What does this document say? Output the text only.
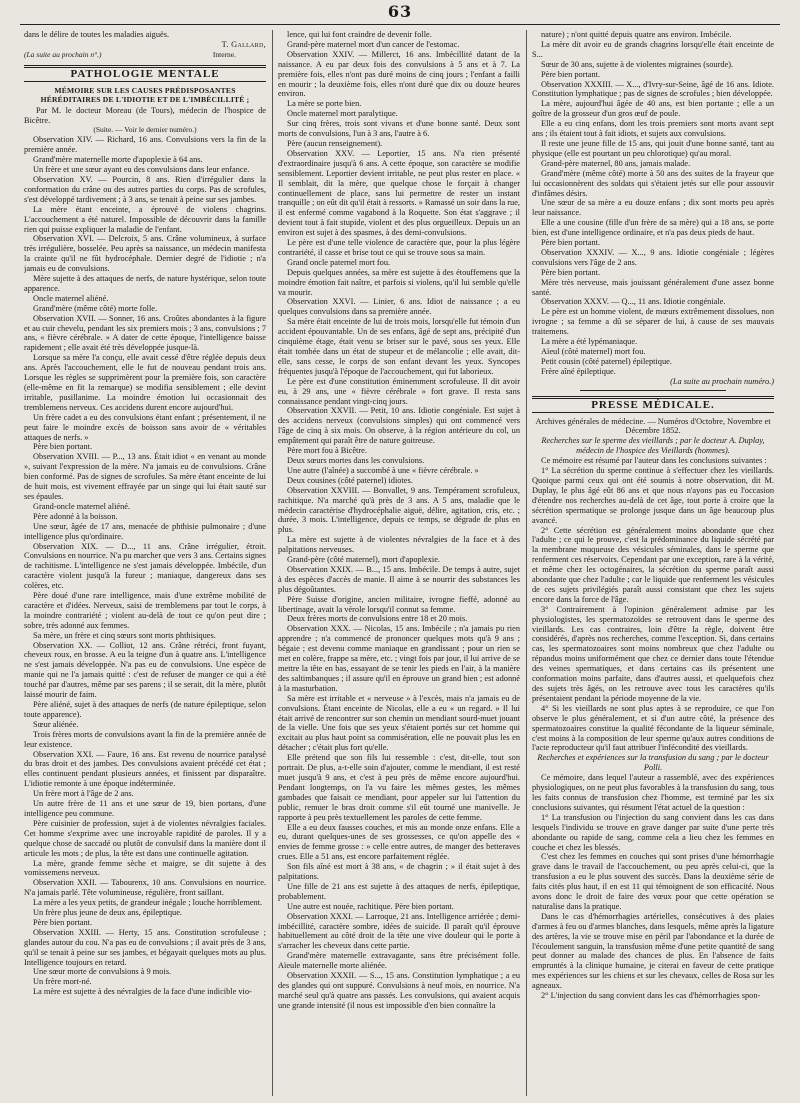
63

dans le délire de toutes les maladies aiguës.

T. Gallard,

(La suite au prochain n°.)	Interne.
PATHOLOGIE MENTALE
MÉMOIRE SUR LES CAUSES PRÉDISPOSANTES HÉRÉDITAIRES DE L'IDIOTIE ET DE L'IMBÉCILLITÉ ;

Par M. le docteur Moreau (de Tours), médecin de l'hospice de Bicêtre.

(Suite. — Voir le dernier numéro.)

Observation XIV. — Richard, 16 ans. Convulsions vers la fin de la première année.

Grand'mère maternelle morte d'apoplexie à 64 ans.

Un frère et une sœur ayant eu des convulsions dans leur enfance.

Observation XV. — Pourcin, 8 ans. Rien d'irrégulier dans la conformation du crâne ou des autres parties du corps. Pas de scrofules, s'est développé tardivement ; à 3 ans, se tenait à peine sur ses jambes.

La mère étant enceinte, a éprouvé de violens chagrins. L'accouchement a été naturel. Impossible de découvrir dans la famille rien qui puisse expliquer la maladie de l'enfant.

Observation XVI. — Delcroix, 5 ans. Crâne volumineux, à surface très irrégulière, bosselée. Peu après sa naissance, un médecin manifesta la crainte qu'il ne fût hydrocéphale. Dernier degré de l'idiotie ; n'a jamais eu de convulsions.

Mère sujette à des attaques de nerfs, de nature hystérique, selon toute apparence.

Oncle maternel aliéné.

Grand'mère (même côté) morte folle.

Observation XVII. — Sonner, 16 ans. Croûtes abondantes à la figure et au cuir chevelu, pendant les six premiers mois ; 3 ans, convulsions ; 7 ans, « fièvre cérébrale. » A dater de cette époque, l'intelligence baisse rapidement ; elle avait été très développée jusque-là.

Lorsque sa mère l'a conçu, elle avait cessé d'être réglée depuis deux ans. Après l'accouchement, elle le fut de nouveau pendant trois ans. Lorsque les règles se supprimèrent pour la première fois, son caractère (elle-même en fit la remarque) se modifia sensiblement ; elle devint irritable, pusillanime. La moindre émotion lui occasionnait des tremblemens nerveux. Ces accidens durent encore aujourd'hui.

Un frère cadet a eu des convulsions étant enfant ; présentement, il ne peut faire le moindre excès de boisson sans avoir de « véritables attaques de nerfs. »

Père bien portant.

Observation XVIII. — P..., 13 ans. Était idiot « en venant au monde », suivant l'expression de la mère. N'a jamais eu de convulsions. Crâne bien conformé. Pas de signes de scrofules. Sa mère étant enceinte de lui de huit mois, est vivement effrayée par un singe qui lui était sauté sur ses épaules.

Grand-oncle maternel aliéné.

Père adonné à la boisson.

Une sœur, âgée de 17 ans, menacée de phthisie pulmonaire ; d'une intelligence plus qu'ordinaire.

Observation XIX. — D..., 11 ans. Crâne irrégulier, étroit. Convulsions en nourrice. N'a pu marcher que vers 3 ans. Certains signes de rachitisme. L'intelligence ne s'est jamais développée. Imbécile, d'un caractère violent jusqu'à la fureur ; maniaque, dangereux dans ses colères, etc.

Père doué d'une rare intelligence, mais d'une extrême mobilité de caractère et d'idées. Nerveux, saisi de tremblemens par tout le corps, à la moindre contrariété ; violent au-delà de tout ce qu'on peut dire ; sobre, très adonné aux femmes.

Sa mère, un frère et cinq sœurs sont morts phthisiques.

Observation XX. — Colliot, 12 ans. Crâne rétréci, front fuyant, cheveux roux, en brosse. A eu la teigne d'un à quatre ans. L'intelligence ne s'est jamais développée. N'a pas eu de convulsions. Une espèce de manie qui ne l'a jamais quitté : c'est de refuser de manger ce qui a été touché par d'autres, même par ses parens ; il se serait, dit la mère, plutôt laissé mourir de faim.

Père aliéné, sujet à des attaques de nerfs (de nature épileptique, selon toute apparence).

Sœur aliénée.

Trois frères morts de convulsions avant la fin de la première année de leur existence.

Observation XXI. — Faure, 16 ans. Est revenu de nourrice paralysé du bras droit et des jambes. Des convulsions avaient précédé cet état ; elles continuent pendant plusieurs années, et finissent par disparaître. L'idiotie remonte à une époque indéterminée.

Un frère mort à l'âge de 2 ans.

Un autre frère de 11 ans et une sœur de 19, bien portans, d'une intelligence peu commune.

Père cuisinier de profession, sujet à de violentes névralgies faciales. Cet homme s'exprime avec une incroyable rapidité de paroles. Il y a quelque chose de saccadé ou plutôt de convulsif dans la manière dont il articule les mots ; de plus, la tête est dans une continuelle agitation.

La mère, grande femme sèche et maigre, se dit sujette à des vomissemens nerveux.

Observation XXII. — Tabourenx, 10 ans. Convulsions en nourrice. N'a jamais parlé. Tête volumineuse, régulière, front saillant.

La mère a les yeux petits, de grandeur inégale ; louche horriblement.

Un frère plus jeune de deux ans, épileptique.

Père bien portant.

Observation XXIII. — Herty, 15 ans. Constitution scrofuleuse ; glandes autour du cou. N'a pas eu de convulsions ; il avait près de 3 ans, qu'il se tenait à peine sur ses jambes, et bégayait quelques mots au plus. Intelligence toujours en retard.

Une sœur morte de convulsions à 9 mois.

Un frère mort-né.

La mère est sujette à des névralgies de la face d'une indicible vio-

lence, qui lui font craindre de devenir folle.

Grand-père maternel mort d'un cancer de l'estomac.

Observation XXIV. — Millerct, 16 ans. Imbécillité datant de la naissance. A eu par deux fois des convulsions à 5 ans et à 7. La première fois, elles n'ont pas duré moins de cinq jours ; l'enfant a failli en mourir ; la deuxième fois, elles n'ont duré que dix ou douze heures environ.

La mère se porte bien.

Oncle maternel mort paralytique.

Sur cinq frères, trois sont vivans et d'une bonne santé. Deux sont morts de convulsions, l'un à 3 ans, l'autre à 6.

Père (aucun renseignement).

Observation XXV. — Leportier, 15 ans. N'a rien présenté d'extraordinaire jusqu'à 6 ans. A cette époque, son caractère se modifie sensiblement. Leportier devient irritable, ne peut plus rester en place. « Il semblait, dit la mère, que quelque chose le forçait à changer continuellement de place, sans lui permettre de rester un instant tranquille ; on eût dit qu'il était à ressorts. » Ramassé un soir dans la rue, il est enfermé comme vagabond à la Roquette. Son état s'aggrave ; il devient tout à fait stupide, violent et des plus orgueilleux. Depuis un an environ est sujet à des spasmes, à des demi-convulsions.

Le père est d'une telle violence de caractère que, pour la plus légère contrariété, il casse et brise tout ce qui se trouve sous sa main.

Grand oncle paternel mort fou.

Depuis quelques années, sa mère est sujette à des étouffemens que la moindre émotion fait naître, et parfois si violens, qu'il lui semble qu'elle va mourir.

Observation XXVI. — Linier, 6 ans. Idiot de naissance ; a eu quelques convulsions dans sa première année.

Sa mère était enceinte de lui de trois mois, lorsqu'elle fut témoin d'un accident épouvantable. Un de ses enfans, âgé de sept ans, précipité d'un cinquième étage, était venu se briser sur le pavé, sous ses yeux. Elle était tombée dans un état de stupeur et de mélancolie ; elle avait, dit-elle, sans cesse, le corps de son enfant devant les yeux. Syncopes fréquentes jusqu'à l'époque de l'accouchement, qui fut laborieux.

Le père est d'une constitution éminemment scrofuleuse. Il dit avoir eu, à 29 ans, une « fièvre cérébrale » fort grave. Il resta sans connaissance pendant vingt-cinq jours.

Observation XXVII. — Petit, 10 ans. Idiotie congéniale. Est sujet à des accidens nerveux (convulsions simples) qui ont commencé vers l'âge de cinq à six mois. On observe, à la région antérieure du col, un empâtement qui paraît être de nature goitreuse.

Père mort fou à Bicêtre.

Deux sœurs mortes dans les convulsions.

Une autre (l'aînée) a succombé à une « fièvre cérébrale. »

Deux cousines (côté paternel) idiotes.

Observation XXVIII. — Bonvallet, 9 ans. Tempérament scrofuleux, rachitique. N'a marché qu'à près de 3 ans. A 5 ans, maladie que le médecin caractérise d'hydrocéphalie aiguë, délire, agitation, cris, etc. ; durée, 3 mois. L'intelligence, depuis ce temps, se dégrade de plus en plus.

La mère est sujette à de violentes névralgies de la face et à des palpitations nerveuses.

Grand-père (côté maternel), mort d'apoplexie.

Observation XXIX. — B..., 15 ans. Imbécile. De temps à autre, sujet à des espèces d'accès de manie. Il aime à se nourrir des substances les plus dégoûtantes.

Père Suisse d'origine, ancien militaire, ivrogne fieffé, adonné au libertinage, avait la vérole lorsqu'il connut sa femme.

Deux frères morts de convulsions entre 18 et 20 mois.

Observation XXX. — Nicolas, 15 ans. Imbécile ; n'a jamais pu rien apprendre ; n'a commencé de prononcer quelques mots qu'à 9 ans ; bégaie ; est devenu comme maniaque en grandissant ; pour un rien se met en colère, frappe sa mère, etc. ; vingt fois par jour, il lui arrive de se mettre la tête en bas, essayant de se tenir les pieds en l'air, à la manière des saltimbanques ; il assure qu'il en éprouve un grand bien ; est adonné à la masturbation.

Sa mère est irritable et « nerveuse » à l'excès, mais n'a jamais eu de convulsions. Étant enceinte de Nicolas, elle a eu « un regard. » Il lui était arrivé de rencontrer sur son chemin un mendiant sourd-muet jouant de la vielle. Une fois que ses yeux s'étaient portés sur cet homme qui excitait au plus haut point sa commisération, elle ne pouvait plus les en détacher ; c'était plus fort qu'elle.

Elle prétend que son fils lui ressemble : c'est, dit-elle, tout son portrait. De plus, a-t-elle soin d'ajouter, comme le mendiant, il est resté muet jusqu'à 9 ans, et c'est à peu près de même encore aujourd'hui. Pendant longtemps, on l'a vu faire les mêmes gestes, les mêmes gambades que faisait ce mendiant, pour appeler sur lui l'attention du public, remuer le bras droit comme s'il eût tourné une manivelle. Je rapporte à peu près textuellement les paroles de cette femme.

Elle a eu deux fausses couches, et mis au monde onze enfans. Elle a eu, durant quelques-unes de ses grossesses, ce qu'on appelle des « envies de femme grosse : » celle entre autres, de manger des betteraves crues. Elle a 51 ans, est encore parfaitement réglée.

Son fils aîné est mort à 38 ans, « de chagrin ; » il était sujet à des palpitations.

Une fille de 21 ans est sujette à des attaques de nerfs, épileptique, probablement.

Une autre est nouée, rachitique. Père bien portant.

Observation XXXI. — Larroque, 21 ans. Intelligence arriérée ; demi-imbécillité, caractère sombre, idées de suicide. Il paraît qu'il éprouve habituellement au côté droit de la tête une vive douleur qui le porte à s'arracher les cheveux dans cette partie.

Grand'mère maternelle extravagante, sans être précisément folle. Aïeule maternelle morte aliénée.

Observation XXXII. — S..., 15 ans. Constitution lymphatique ; a eu des glandes qui ont suppuré. Convulsions à neuf mois, en nourrice. N'a marché seul qu'à quatre ans passés. Les convulsions, qui avaient acquis une grande intensité (il nous est impossible d'en bien connaître la

nature) ; n'ont quitté depuis quatre ans environ. Imbécile.

La mère dit avoir eu de grands chagrins lorsqu'elle était enceinte de S...

Sœur de 30 ans, sujette à de violentes migraines (sourde).

Père bien portant.

Observation XXXIII. — X..., d'Ivry-sur-Seine, âgé de 16 ans. Idiote. Constitution lymphatique ; pas de signes de scrofules ; bien développée.

La mère, aujourd'hui âgée de 40 ans, est bien portante ; elle a un goître de la grosseur d'un gros œuf de poule.

Elle a eu cinq enfans, dont les trois premiers sont morts avant sept ans ; ils étaient tout à fait idiots, et sujets aux convulsions.

Il reste une jeune fille de 15 ans, qui jouit d'une bonne santé, tant au physique (elle est pourtant un peu chlorotique) qu'au moral.

Grand-père maternel, 80 ans, jamais malade.

Grand'mère (même côté) morte à 50 ans des suites de la frayeur que lui occasionnèrent des soldats qui s'étaient jetés sur elle pour assouvir d'infâmes désirs.

Une sœur de sa mère a eu douze enfans ; dix sont morts peu après leur naissance.

Elle a une cousine (fille d'un frère de sa mère) qui a 18 ans, se porte bien, est d'une intelligence ordinaire, et n'a pas deux pieds de haut.

Père bien portant.

Observation XXXIV. — X..., 9 ans. Idiotie congéniale ; légères convulsions vers l'âge de 2 ans.

Père bien portant.

Mère très nerveuse, mais jouissant généralement d'une assez bonne santé.

Observation XXXV. — Q..., 11 ans. Idiotie congéniale.

Le père est un homme violent, de mœurs extrêmement dissolues, non ivrogne ; sa femme a dû se séparer de lui, à cause de ses mauvais traitemens.

La mère a été lypémaniaque.

Aïeul (côté maternel) mort fou.

Petit cousin (côté paternel) épileptique.

Frère aîné épileptique.

(La suite au prochain numéro.)

PRESSE MÉDICALE.

Archives générales de médecine. — Numéros d'Octobre, Novembre et Décembre 1852.

Recherches sur le sperme des vieillards ; par le docteur A. Duplay, médecin de l'hospice des Vieillards (hommes).

Ce mémoire est résumé par l'auteur dans les conclusions suivantes :

1° La sécrétion du sperme continue à s'effectuer chez les vieillards. Quoique parmi ceux qui ont été soumis à notre observation, dit M. Duplay, le plus âgé eût 86 ans et que nous n'ayons pas eu l'occasion d'étendre nos recherches au-delà de cet âge, tout porte à croire que la sécrétion spermatique se prolonge jusque dans un âge beaucoup plus avancé.

2° Cette sécrétion est généralement moins abondante que chez l'adulte ; ce qui le prouve, c'est la prédominance du liquide sécrété par la membrane muqueuse des vésicules séminales, dans le sperme que renferment ces réservoirs. Cependant par une exception, rare à la vérité, et même chez les octogénaires, la sécrétion du sperme paraît aussi abondante que chez l'adulte ; car le liquide que renferment les vésicules de ces sujets privilégiés paraît aussi consistant que chez les sujets encore dans la force de l'âge.

3° Contrairement à l'opinion généralement admise par les physiologistes, les spermatozoïdes se retrouvent dans le sperme des vieillards. Les cas contraires, loin d'être la règle, doivent être considérés, d'après nos recherches, comme l'exception. Si, dans certains cas, les spermatozoaires sont moins nombreux que chez l'adulte ou répandus moins uniformément que chez ce dernier dans toute l'étendue des veines spermatiques, et dans certains cas ils présentent une conformation moins parfaite, dans d'autres aussi, et quelquefois chez des sujets très âgés, on les retrouve avec tous les caractères qu'ils présentaient pendant la période moyenne de la vie.

4° Si les vieillards ne sont plus aptes à se reproduire, ce que l'on observe le plus généralement, et si d'un autre côté, la présence des spermatozoaires constitue la qualité fécondante de la liqueur séminale, c'est moins à la composition de leur sperme qu'aux autres conditions de l'acte reproducteur qu'il faut attribuer l'infécondité des vieillards.

Recherches et expériences sur la transfusion du sang ; par le docteur Polli.

Ce mémoire, dans lequel l'auteur a rassemblé, avec des expériences physiologiques, on ne peut plus favorables à la transfusion du sang, tous les faits connus de transfusion chez l'homme, est terminé par les six conclusions suivantes, qui résument l'état actuel de la question :

1° La transfusion ou l'injection du sang convient dans les cas dans lesquels l'individu se trouve en grave danger par suite d'une perte très abondante ou rapide de sang, comme cela a lieu chez les femmes en couche et chez les blessés.

C'est chez les femmes en couches qui sont prises d'une hémorrhagie grave dans le travail de l'accouchement, ou peu après celui-ci, que la transfusion a eu le plus souvent des succès. Dans la deuxième série de faits cités plus haut, il en est 11 qui témoignent de son efficacité. Nous avons donc le droit de faire des vœux pour que cette opération se naturalise dans la pratique.

Dans le cas d'hémorrhagies artérielles, consécutives à des plaies d'armes à feu ou d'armes blanches, dans lesquels, même après la ligature des artères, la vie se trouve mise en péril par l'abondance et la durée de l'écoulement sanguin, la transfusion même d'une petite quantité de sang peut donner au malade des chances de plus. En l'absence de faits empruntés à la clinique humaine, je citerai en faveur de cette pratique mes expériences sur les chiens et sur les chevaux, celles de Rosa sur les agneaux.

2° L'injection du sang convient dans les cas d'hémorrhagies spon-
